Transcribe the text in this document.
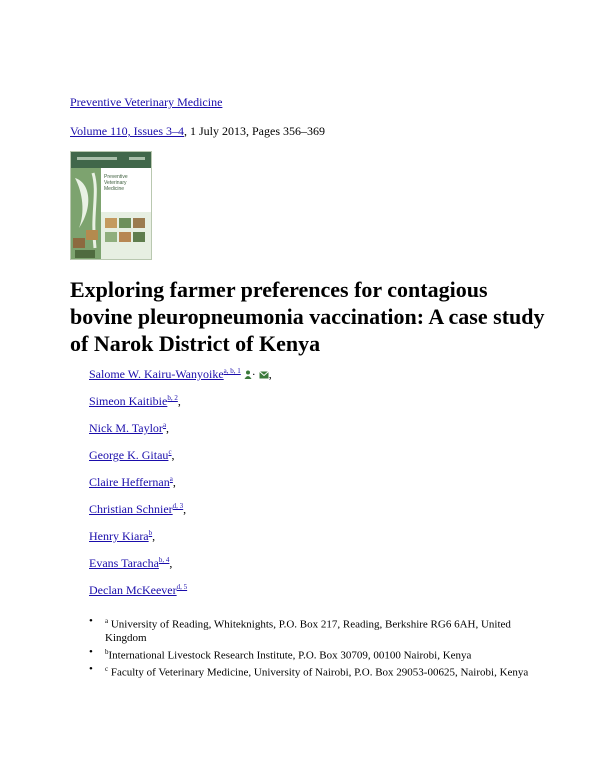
Preventive Veterinary Medicine
Volume 110, Issues 3–4, 1 July 2013, Pages 356–369
Preventive
Veterinary
Medicine
Exploring farmer preferences for contagious bovine pleuropneumonia vaccination: A case study of Narok District of Kenya
Salome W. Kairu-Wanyoike$^{a, b, 1}$ · ,
Simeon Kaitibie$^{b, 2}$,
Nick M. Taylor$^a$,
George K. Gitau$^c$,
Claire Heffernan$^a$,
Christian Schnier$^{d, 3}$,
Henry Kiara$^b$,
Evans Taracha$^{b, 4}$,
Declan McKeever$^{d, 5}$
• $^a$ University of Reading, Whiteknights, P.O. Box 217, Reading, Berkshire RG6 6AH, United Kingdom
• $^b$International Livestock Research Institute, P.O. Box 30709, 00100 Nairobi, Kenya
• $^c$ Faculty of Veterinary Medicine, University of Nairobi, P.O. Box 29053-00625, Nairobi, Kenya
